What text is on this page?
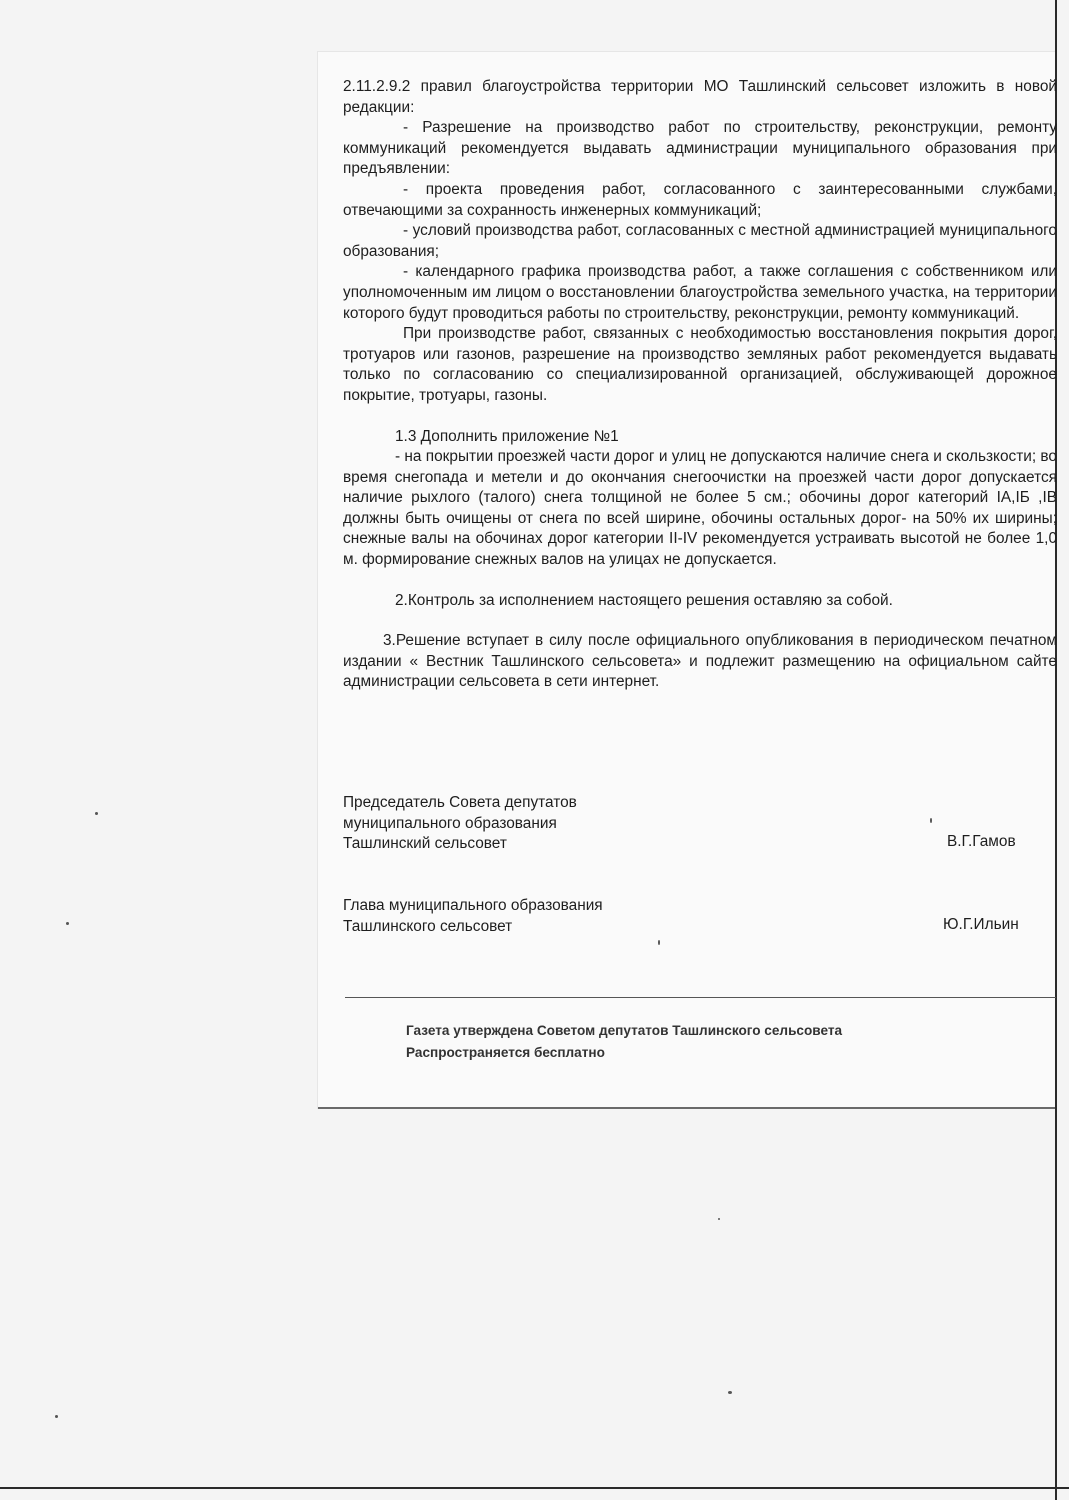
2.11.2.9.2 правил благоустройства территории МО Ташлинский сельсовет изложить в новой редакции:

- Разрешение на производство работ по строительству, реконструкции, ремонту коммуникаций рекомендуется выдавать администрации муниципального образования при предъявлении:

- проекта проведения работ, согласованного с заинтересованными службами, отвечающими за сохранность инженерных коммуникаций;

- условий производства работ, согласованных с местной администрацией муниципального образования;

- календарного графика производства работ, а также соглашения с собственником или уполномоченным им лицом о восстановлении благоустройства земельного участка, на территории которого будут проводиться работы по строительству, реконструкции, ремонту коммуникаций.

При производстве работ, связанных с необходимостью восстановления покрытия дорог, тротуаров или газонов, разрешение на производство земляных работ рекомендуется выдавать только по согласованию со специализированной организацией, обслуживающей дорожное покрытие, тротуары, газоны.

1.3 Дополнить приложение №1

- на покрытии проезжей части дорог и улиц не допускаются наличие снега и скользкости; во время снегопада и метели и до окончания снегоочистки на проезжей части дорог допускается наличие рыхлого (талого) снега толщиной не более 5 см.; обочины дорог категорий IА,IБ ,IВ должны быть очищены от снега по всей ширине, обочины остальных дорог- на 50% их ширины; снежные валы на обочинах дорог категории II-IV рекомендуется устраивать высотой не более 1,0 м. формирование снежных валов на улицах не допускается.

2.Контроль за исполнением настоящего решения оставляю за собой.

3.Решение вступает в силу после официального опубликования в периодическом печатном издании « Вестник Ташлинского сельсовета» и подлежит размещению на официальном сайте администрации сельсовета в сети интернет.

Председатель Совета депутатов
муниципального образования
Ташлинский сельсовет	В.Г.Гамов
Глава муниципального образования
Ташлинского сельсовет	Ю.Г.Ильин
Газета утверждена Советом депутатов Ташлинского сельсовета
Распространяется бесплатно
